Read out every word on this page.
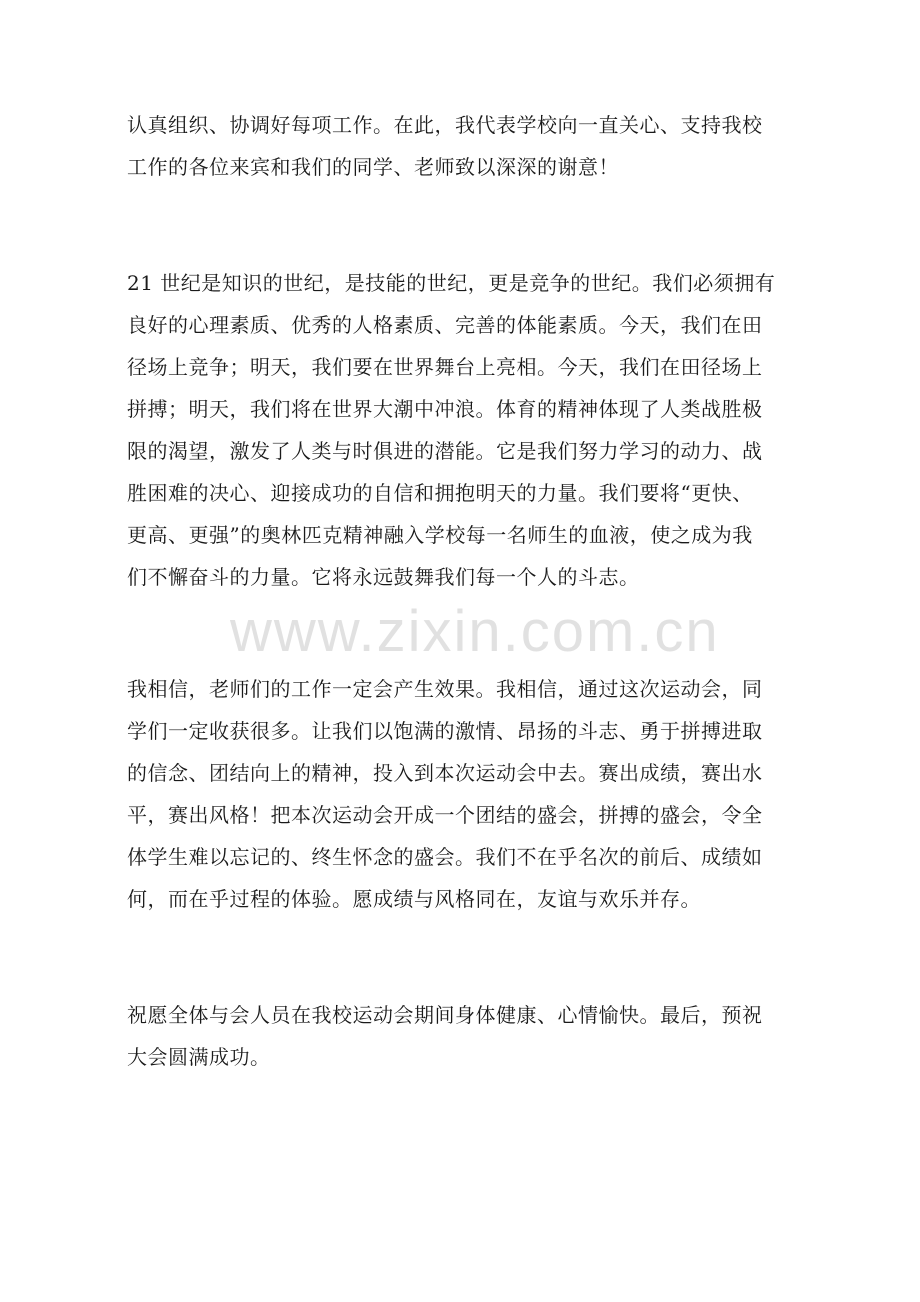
认真组织、协调好每项工作。在此，我代表学校向一直关心、支持我校
工作的各位来宾和我们的同学、老师致以深深的谢意！

21 世纪是知识的世纪，是技能的世纪，更是竞争的世纪。我们必须拥有
良好的心理素质、优秀的人格素质、完善的体能素质。今天，我们在田
径场上竞争；明天，我们要在世界舞台上亮相。今天，我们在田径场上
拼搏；明天，我们将在世界大潮中冲浪。体育的精神体现了人类战胜极
限的渴望，激发了人类与时俱进的潜能。它是我们努力学习的动力、战
胜困难的决心、迎接成功的自信和拥抱明天的力量。我们要将“更快、
更高、更强”的奥林匹克精神融入学校每一名师生的血液，使之成为我
们不懈奋斗的力量。它将永远鼓舞我们每一个人的斗志。

我相信，老师们的工作一定会产生效果。我相信，通过这次运动会，同
学们一定收获很多。让我们以饱满的激情、昂扬的斗志、勇于拼搏进取
的信念、团结向上的精神，投入到本次运动会中去。赛出成绩，赛出水
平，赛出风格！把本次运动会开成一个团结的盛会，拼搏的盛会，令全
体学生难以忘记的、终生怀念的盛会。我们不在乎名次的前后、成绩如
何，而在乎过程的体验。愿成绩与风格同在，友谊与欢乐并存。

祝愿全体与会人员在我校运动会期间身体健康、心情愉快。最后，预祝
大会圆满成功。

www.zixin.com.cn
